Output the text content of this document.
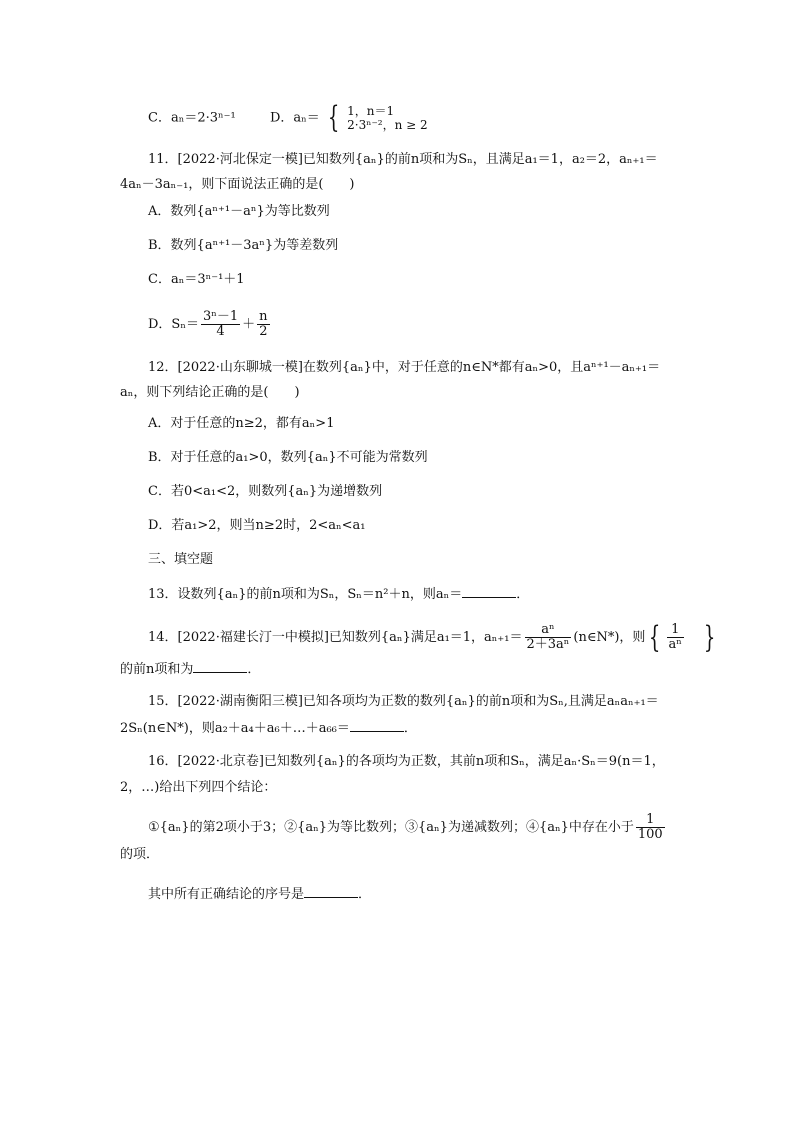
C．aₙ＝2·3ⁿ⁻¹	D．aₙ＝ { 1，n＝1
2·3ⁿ⁻²，n ≥ 2
11．[2022·河北保定一模]已知数列{aₙ}的前n项和为Sₙ，且满足a₁＝1，a₂＝2，aₙ₊₁＝
4aₙ－3aₙ₋₁，则下面说法正确的是(　　)
A．数列{aⁿ⁺¹－aⁿ}为等比数列
B．数列{aⁿ⁺¹－3aⁿ}为等差数列
C．aₙ＝3ⁿ⁻¹＋1
D．$S_n= \frac{\text{3ⁿ－1}}{4} + \frac{n}{2}$
12．[2022·山东聊城一模]在数列{aₙ}中，对于任意的n∈N*都有aₙ>0，且aⁿ⁺¹－aₙ₊₁＝
aₙ，则下列结论正确的是(　　)
A．对于任意的n≥2，都有aₙ>1
B．对于任意的a₁>0，数列{aₙ}不可能为常数列
C．若0<a₁<2，则数列{aₙ}为递增数列
D．若a₁>2，则当n≥2时，2<aₙ<a₁
三、填空题
13．设数列{aₙ}的前n项和为Sₙ，Sₙ＝n²＋n，则aₙ＝	．
14．[2022·福建长汀一中模拟]已知数列{aₙ}满足a₁＝1，$a_{n+1}= \frac{\text{aⁿ}}{\text{2＋3aⁿ}}$ (n∈N*)，则 { $\frac{1}{\text{aⁿ}}$ }
的前n项和为	．
15．[2022·湖南衡阳三模]已知各项均为正数的数列{aₙ}的前n项和为Sₙ,且满足aₙaₙ₊₁＝
2Sₙ(n∈N*)，则a₂＋a₄＋a₆＋…＋a₆₆＝	．
16．[2022·北京卷]已知数列{aₙ}的各项均为正数，其前n项和Sₙ，满足aₙ·Sₙ＝9(n＝1，
2，…)给出下列四个结论：
①{aₙ}的第2项小于3；②{aₙ}为等比数列；③{aₙ}为递减数列；④{aₙ}中存在小于 $\frac{1}{100}$
的项．
其中所有正确结论的序号是	．
